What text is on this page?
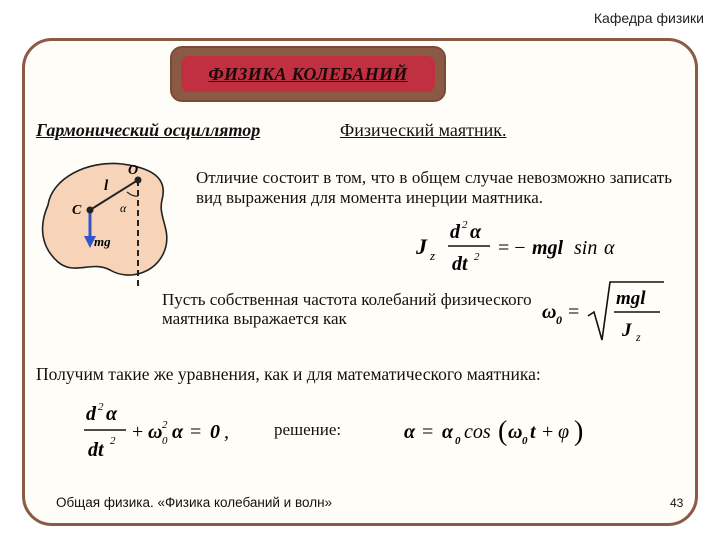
Кафедра физики
ФИЗИКА КОЛЕБАНИЙ
Гармонический осциллятор	Физический маятник.
O
l
C	α
mg
Отличие состоит в том, что в общем случае невозможно записать вид выражения для момента инерции маятника.
J z
d 2 α
dt 2 = − mgl sin α
Пусть собственная частота колебаний физического маятника выражается как	ω 0 =
mgl
J z
Получим такие же уравнения, как и для математического маятника:
d 2 α
dt 2 + ω 2
0 α = 0 ,	решение:	α = α 0 cos ( ω 0 t + φ )
Общая физика. «Физика колебаний и волн»	43
